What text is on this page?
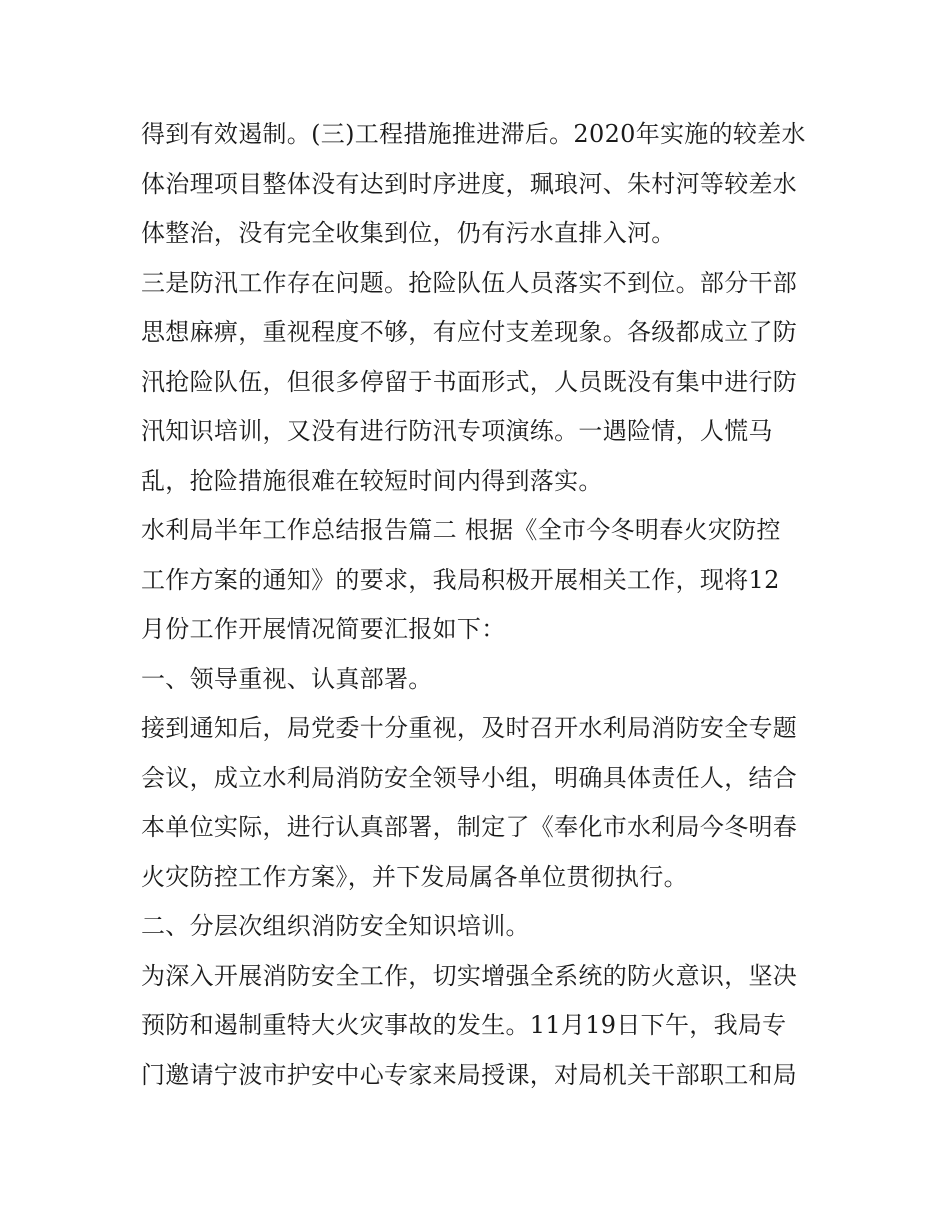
得到有效遏制。(三)工程措施推进滞后。2020年实施的较差水
体治理项目整体没有达到时序进度，珮琅河、朱村河等较差水
体整治，没有完全收集到位，仍有污水直排入河。
三是防汛工作存在问题。抢险队伍人员落实不到位。部分干部
思想麻痹，重视程度不够，有应付支差现象。各级都成立了防
汛抢险队伍，但很多停留于书面形式，人员既没有集中进行防
汛知识培训，又没有进行防汛专项演练。一遇险情，人慌马
乱，抢险措施很难在较短时间内得到落实。
水利局半年工作总结报告篇二 根据《全市今冬明春火灾防控
工作方案的通知》的要求，我局积极开展相关工作，现将12
月份工作开展情况简要汇报如下：
一、领导重视、认真部署。
接到通知后，局党委十分重视，及时召开水利局消防安全专题
会议，成立水利局消防安全领导小组，明确具体责任人，结合
本单位实际，进行认真部署，制定了《奉化市水利局今冬明春
火灾防控工作方案》，并下发局属各单位贯彻执行。
二、分层次组织消防安全知识培训。
为深入开展消防安全工作，切实增强全系统的防火意识，坚决
预防和遏制重特大火灾事故的发生。11月19日下午，我局专
门邀请宁波市护安中心专家来局授课，对局机关干部职工和局
